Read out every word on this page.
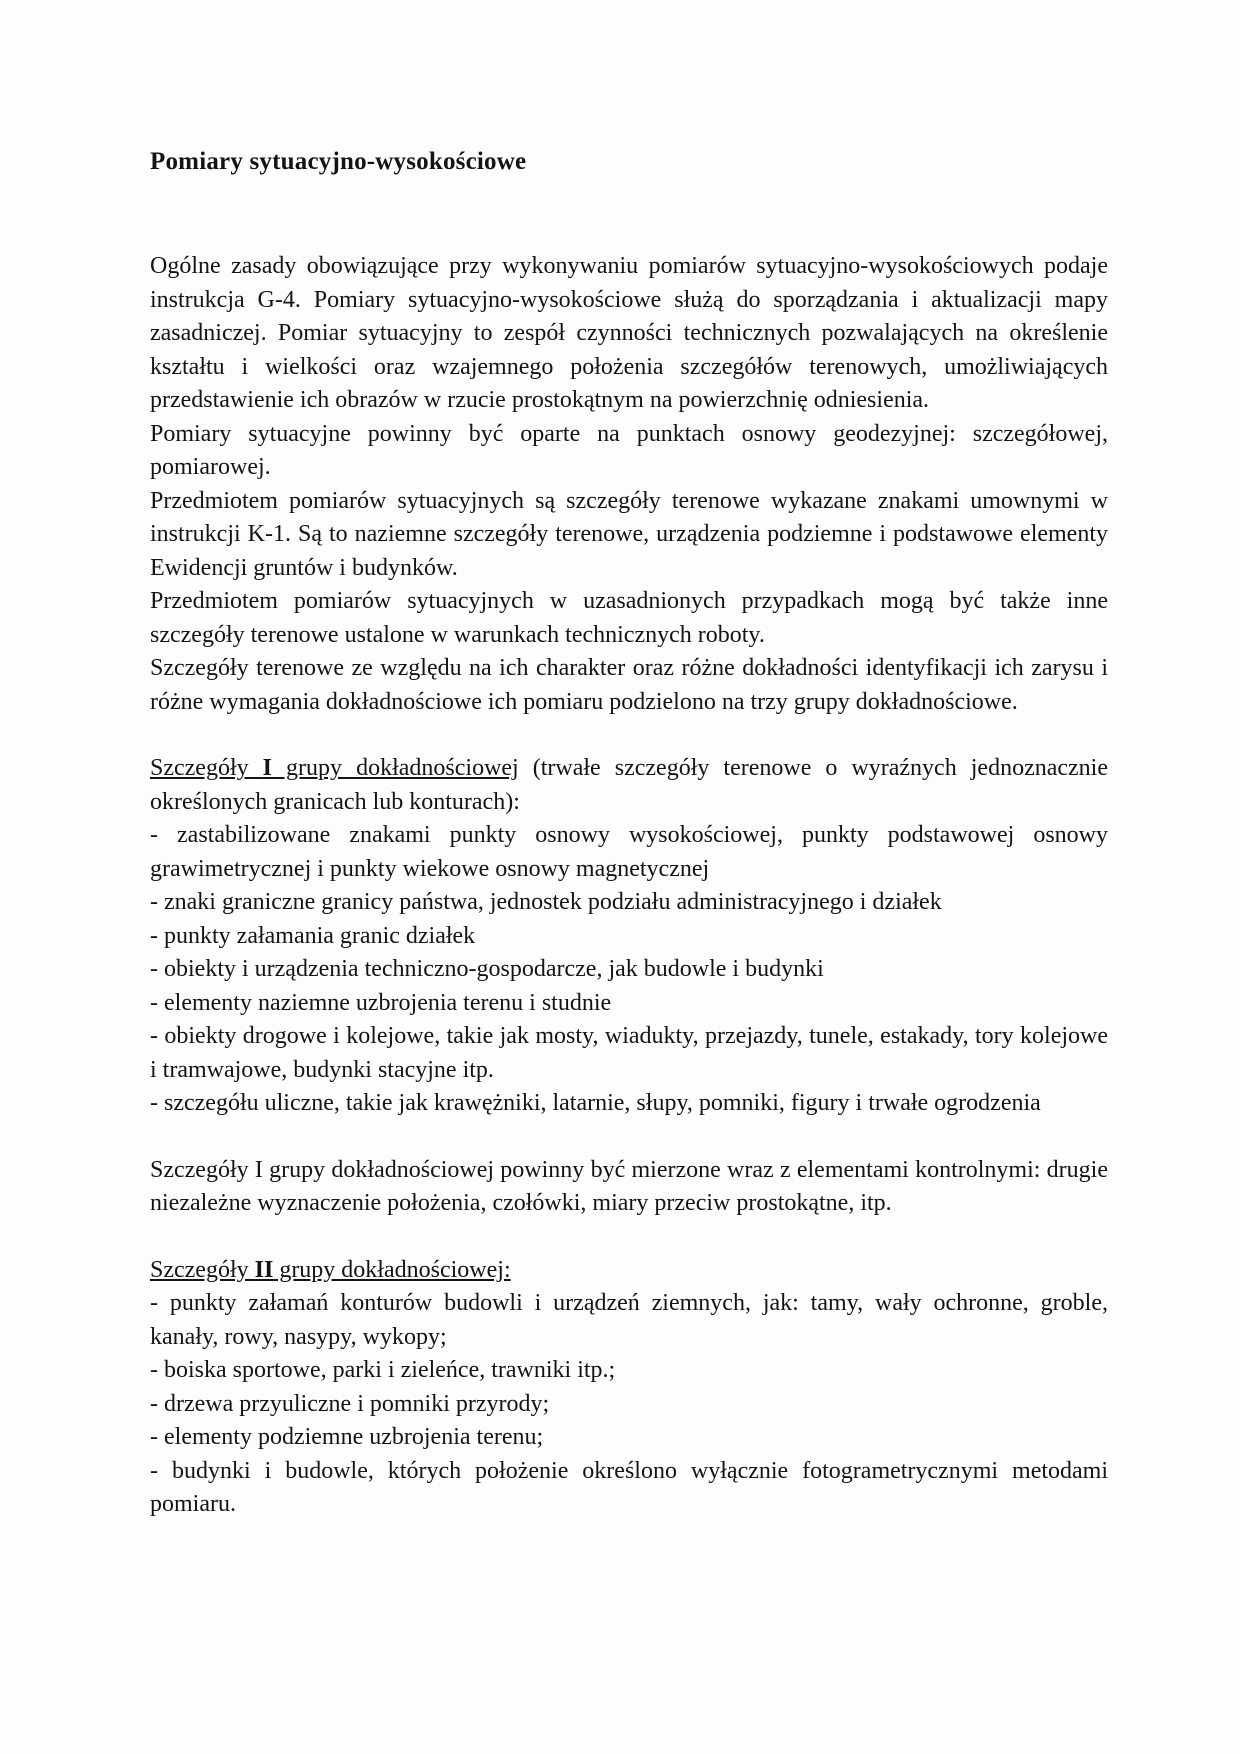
Pomiary sytuacyjno-wysokościowe

Ogólne zasady obowiązujące przy wykonywaniu pomiarów sytuacyjno-wysokościowych podaje instrukcja G-4. Pomiary sytuacyjno-wysokościowe służą do sporządzania i aktualizacji mapy zasadniczej. Pomiar sytuacyjny to zespół czynności technicznych pozwalających na określenie kształtu i wielkości oraz wzajemnego położenia szczegółów terenowych, umożliwiających przedstawienie ich obrazów w rzucie prostokątnym na powierzchnię odniesienia.

Pomiary sytuacyjne powinny być oparte na punktach osnowy geodezyjnej: szczegółowej, pomiarowej.

Przedmiotem pomiarów sytuacyjnych są szczegóły terenowe wykazane znakami umownymi w instrukcji K-1. Są to naziemne szczegóły terenowe, urządzenia podziemne i podstawowe elementy Ewidencji gruntów i budynków.

Przedmiotem pomiarów sytuacyjnych w uzasadnionych przypadkach mogą być także inne szczegóły terenowe ustalone w warunkach technicznych roboty.

Szczegóły terenowe ze względu na ich charakter oraz różne dokładności identyfikacji ich zarysu i różne wymagania dokładnościowe ich pomiaru podzielono na trzy grupy dokładnościowe.

Szczegóły I grupy dokładnościowej (trwałe szczegóły terenowe o wyraźnych jednoznacznie określonych granicach lub konturach):

- zastabilizowane znakami punkty osnowy wysokościowej, punkty podstawowej osnowy grawimetrycznej i punkty wiekowe osnowy magnetycznej

- znaki graniczne granicy państwa, jednostek podziału administracyjnego i działek

- punkty załamania granic działek

- obiekty i urządzenia techniczno-gospodarcze, jak budowle i budynki

- elementy naziemne uzbrojenia terenu i studnie

- obiekty drogowe i kolejowe, takie jak mosty, wiadukty, przejazdy, tunele, estakady, tory kolejowe i tramwajowe, budynki stacyjne itp.

- szczegółu uliczne, takie jak krawężniki, latarnie, słupy, pomniki, figury i trwałe ogrodzenia

Szczegóły I grupy dokładnościowej powinny być mierzone wraz z elementami kontrolnymi: drugie niezależne wyznaczenie położenia, czołówki, miary przeciw prostokątne, itp.

Szczegóły II grupy dokładnościowej:

- punkty załamań konturów budowli i urządzeń ziemnych, jak: tamy, wały ochronne, groble, kanały, rowy, nasypy, wykopy;

- boiska sportowe, parki i zieleńce, trawniki itp.;

- drzewa przyuliczne i pomniki przyrody;

- elementy podziemne uzbrojenia terenu;

- budynki i budowle, których położenie określono wyłącznie fotogrametrycznymi metodami pomiaru.
